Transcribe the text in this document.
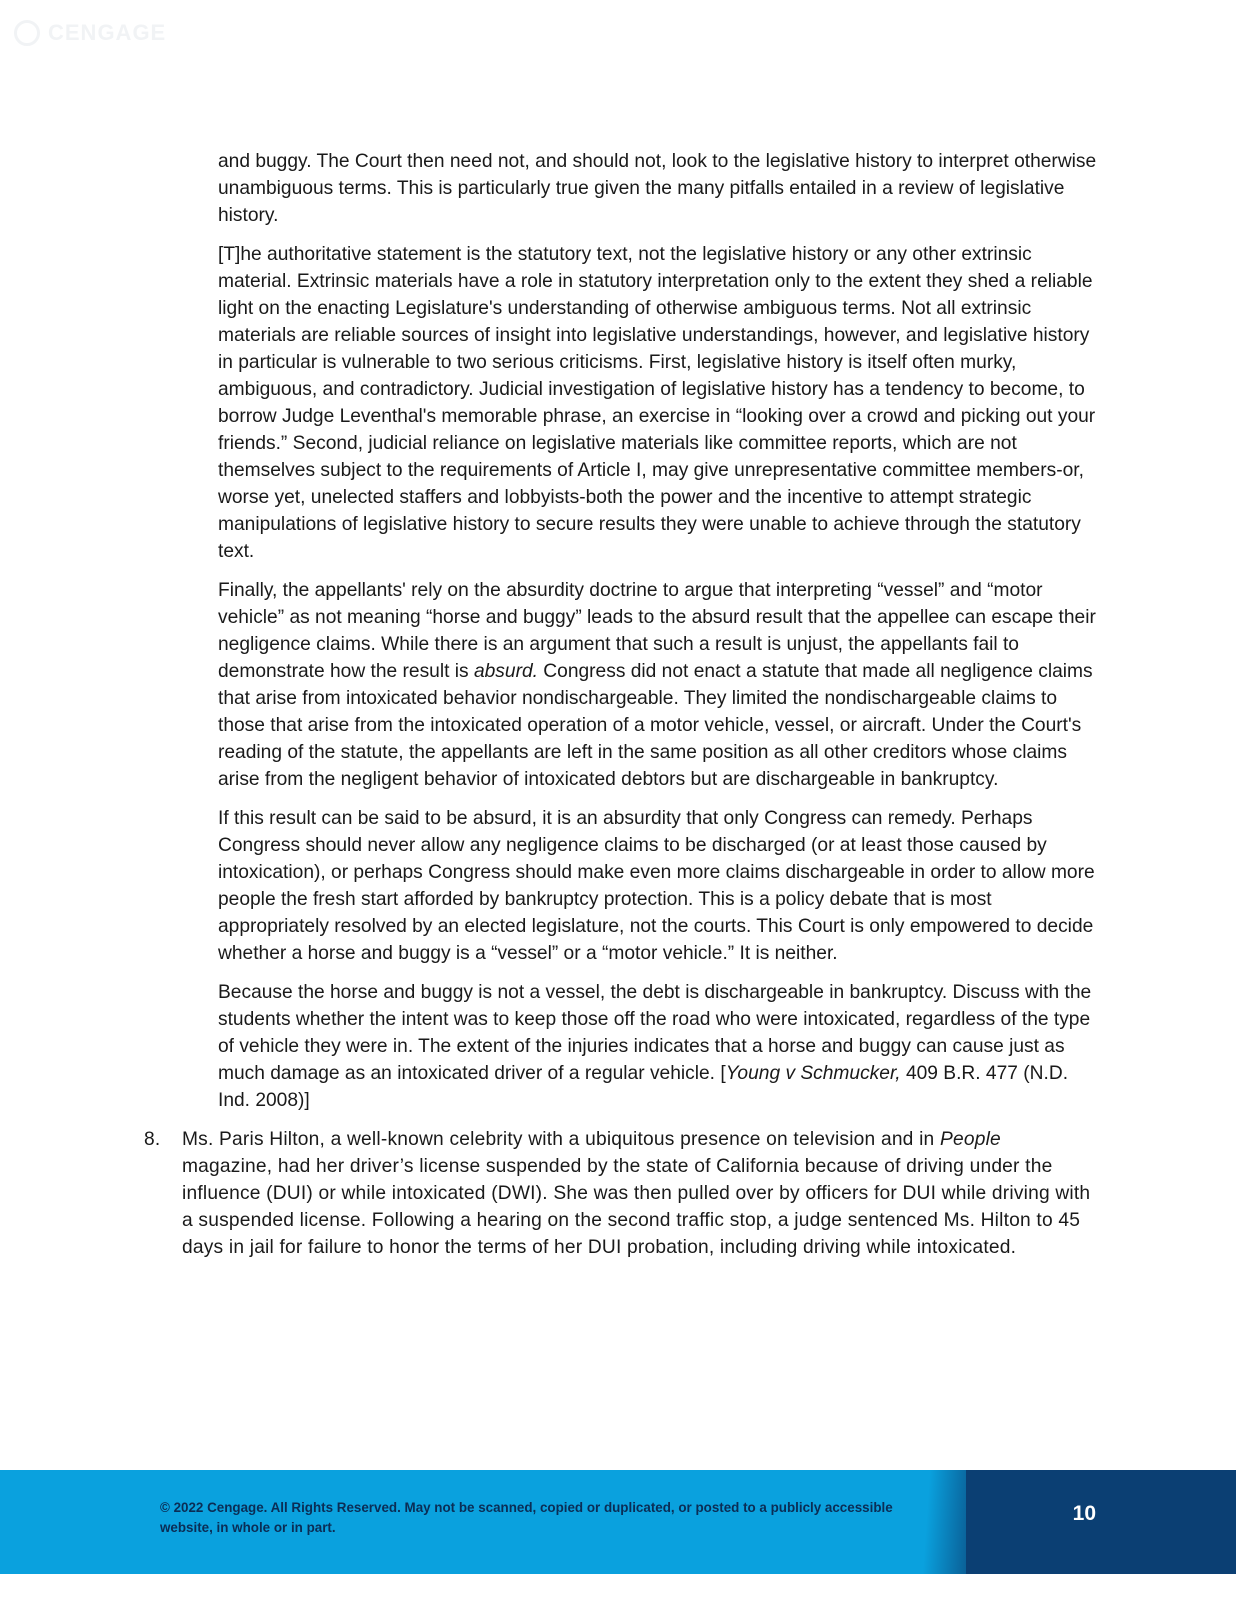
CENGAGE

and buggy. The Court then need not, and should not, look to the legislative history to interpret otherwise unambiguous terms. This is particularly true given the many pitfalls entailed in a review of legislative history.

[T]he authoritative statement is the statutory text, not the legislative history or any other extrinsic material. Extrinsic materials have a role in statutory interpretation only to the extent they shed a reliable light on the enacting Legislature's understanding of otherwise ambiguous terms. Not all extrinsic materials are reliable sources of insight into legislative understandings, however, and legislative history in particular is vulnerable to two serious criticisms. First, legislative history is itself often murky, ambiguous, and contradictory. Judicial investigation of legislative history has a tendency to become, to borrow Judge Leventhal's memorable phrase, an exercise in “looking over a crowd and picking out your friends.” Second, judicial reliance on legislative materials like committee reports, which are not themselves subject to the requirements of Article I, may give unrepresentative committee members-or, worse yet, unelected staffers and lobbyists-both the power and the incentive to attempt strategic manipulations of legislative history to secure results they were unable to achieve through the statutory text.

Finally, the appellants' rely on the absurdity doctrine to argue that interpreting “vessel” and “motor vehicle” as not meaning “horse and buggy” leads to the absurd result that the appellee can escape their negligence claims. While there is an argument that such a result is unjust, the appellants fail to demonstrate how the result is absurd. Congress did not enact a statute that made all negligence claims that arise from intoxicated behavior nondischargeable. They limited the nondischargeable claims to those that arise from the intoxicated operation of a motor vehicle, vessel, or aircraft. Under the Court's reading of the statute, the appellants are left in the same position as all other creditors whose claims arise from the negligent behavior of intoxicated debtors but are dischargeable in bankruptcy.

If this result can be said to be absurd, it is an absurdity that only Congress can remedy. Perhaps Congress should never allow any negligence claims to be discharged (or at least those caused by intoxication), or perhaps Congress should make even more claims dischargeable in order to allow more people the fresh start afforded by bankruptcy protection. This is a policy debate that is most appropriately resolved by an elected legislature, not the courts. This Court is only empowered to decide whether a horse and buggy is a “vessel” or a “motor vehicle.” It is neither.

Because the horse and buggy is not a vessel, the debt is dischargeable in bankruptcy. Discuss with the students whether the intent was to keep those off the road who were intoxicated, regardless of the type of vehicle they were in. The extent of the injuries indicates that a horse and buggy can cause just as much damage as an intoxicated driver of a regular vehicle. [Young v Schmucker, 409 B.R. 477 (N.D. Ind. 2008)]

8. Ms. Paris Hilton, a well-known celebrity with a ubiquitous presence on television and in People magazine, had her driver’s license suspended by the state of California because of driving under the influence (DUI) or while intoxicated (DWI). She was then pulled over by officers for DUI while driving with a suspended license. Following a hearing on the second traffic stop, a judge sentenced Ms. Hilton to 45 days in jail for failure to honor the terms of her DUI probation, including driving while intoxicated.
© 2022 Cengage. All Rights Reserved. May not be scanned, copied or duplicated, or posted to a publicly accessible website, in whole or in part.
10
